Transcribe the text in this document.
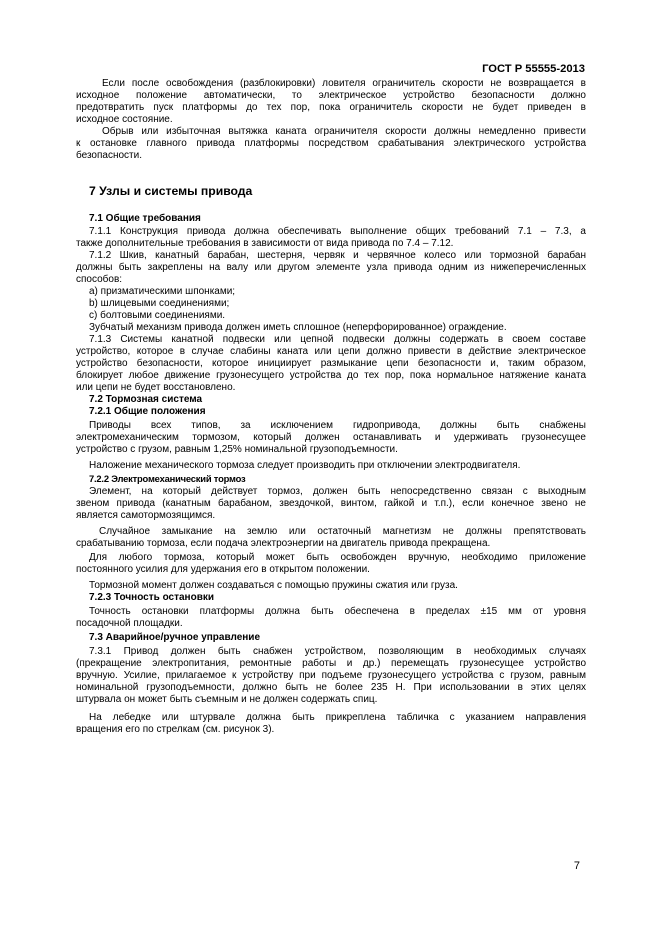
ГОСТ Р 55555-2013
Если после освобождения (разблокировки) ловителя ограничитель скорости не возвращается в
исходное положение автоматически, то электрическое устройство безопасности должно
предотвратить пуск платформы до тех пор, пока ограничитель скорости не будет приведен в
исходное состояние.
Обрыв или избыточная вытяжка каната ограничителя скорости должны немедленно привести
к остановке главного привода платформы посредством срабатывания электрического устройства
безопасности.
7 Узлы и системы привода
7.1 Общие требования
7.1.1 Конструкция привода должна обеспечивать выполнение общих требований 7.1 – 7.3, а
также дополнительные требования в зависимости от вида привода по 7.4 – 7.12.
7.1.2 Шкив, канатный барабан, шестерня, червяк и червячное колесо или тормозной барабан
должны быть закреплены на валу или другом элементе узла привода одним из нижеперечисленных
способов:
а) призматическими шпонками;
b) шлицевыми соединениями;
с) болтовыми соединениями.
Зубчатый механизм привода должен иметь сплошное (неперфорированное) ограждение.
7.1.3 Системы канатной подвески или цепной подвески должны содержать в своем составе
устройство, которое в случае слабины каната или цепи должно привести в действие электрическое
устройство безопасности, которое инициирует размыкание цепи безопасности и, таким образом,
блокирует любое движение грузонесущего устройства до тех пор, пока нормальное натяжение каната
или цепи не будет восстановлено.
7.2 Тормозная система
7.2.1 Общие положения
Приводы всех типов, за исключением гидропривода, должны быть снабжены
электромеханическим тормозом, который должен останавливать и удерживать грузонесущее
устройство с грузом, равным 1,25% номинальной грузоподъемности.
Наложение механического тормоза следует производить при отключении электродвигателя.
7.2.2 Электромеханический тормоз
Элемент, на который действует тормоз, должен быть непосредственно связан с выходным
звеном привода (канатным барабаном, звездочкой, винтом, гайкой и т.п.), если конечное звено не
является самотормозящимся.
Случайное замыкание на землю или остаточный магнетизм не должны препятствовать
срабатыванию тормоза, если подача электроэнергии на двигатель привода прекращена.
Для любого тормоза, который может быть освобожден вручную, необходимо приложение
постоянного усилия для удержания его в открытом положении.
Тормозной момент должен создаваться с помощью пружины сжатия или груза.
7.2.3 Точность остановки
Точность остановки платформы должна быть обеспечена в пределах ±15 мм от уровня
посадочной площадки.
7.3 Аварийное/ручное управление
7.3.1 Привод должен быть снабжен устройством, позволяющим в необходимых случаях
(прекращение электропитания, ремонтные работы и др.) перемещать грузонесущее устройство
вручную. Усилие, прилагаемое к устройству при подъеме грузонесущего устройства с грузом, равным
номинальной грузоподъемности, должно быть не более 235 Н. При использовании в этих целях
штурвала он может быть съемным и не должен содержать спиц.
На лебедке или штурвале должна быть прикреплена табличка с указанием направления
вращения его по стрелкам (см. рисунок 3).
7
